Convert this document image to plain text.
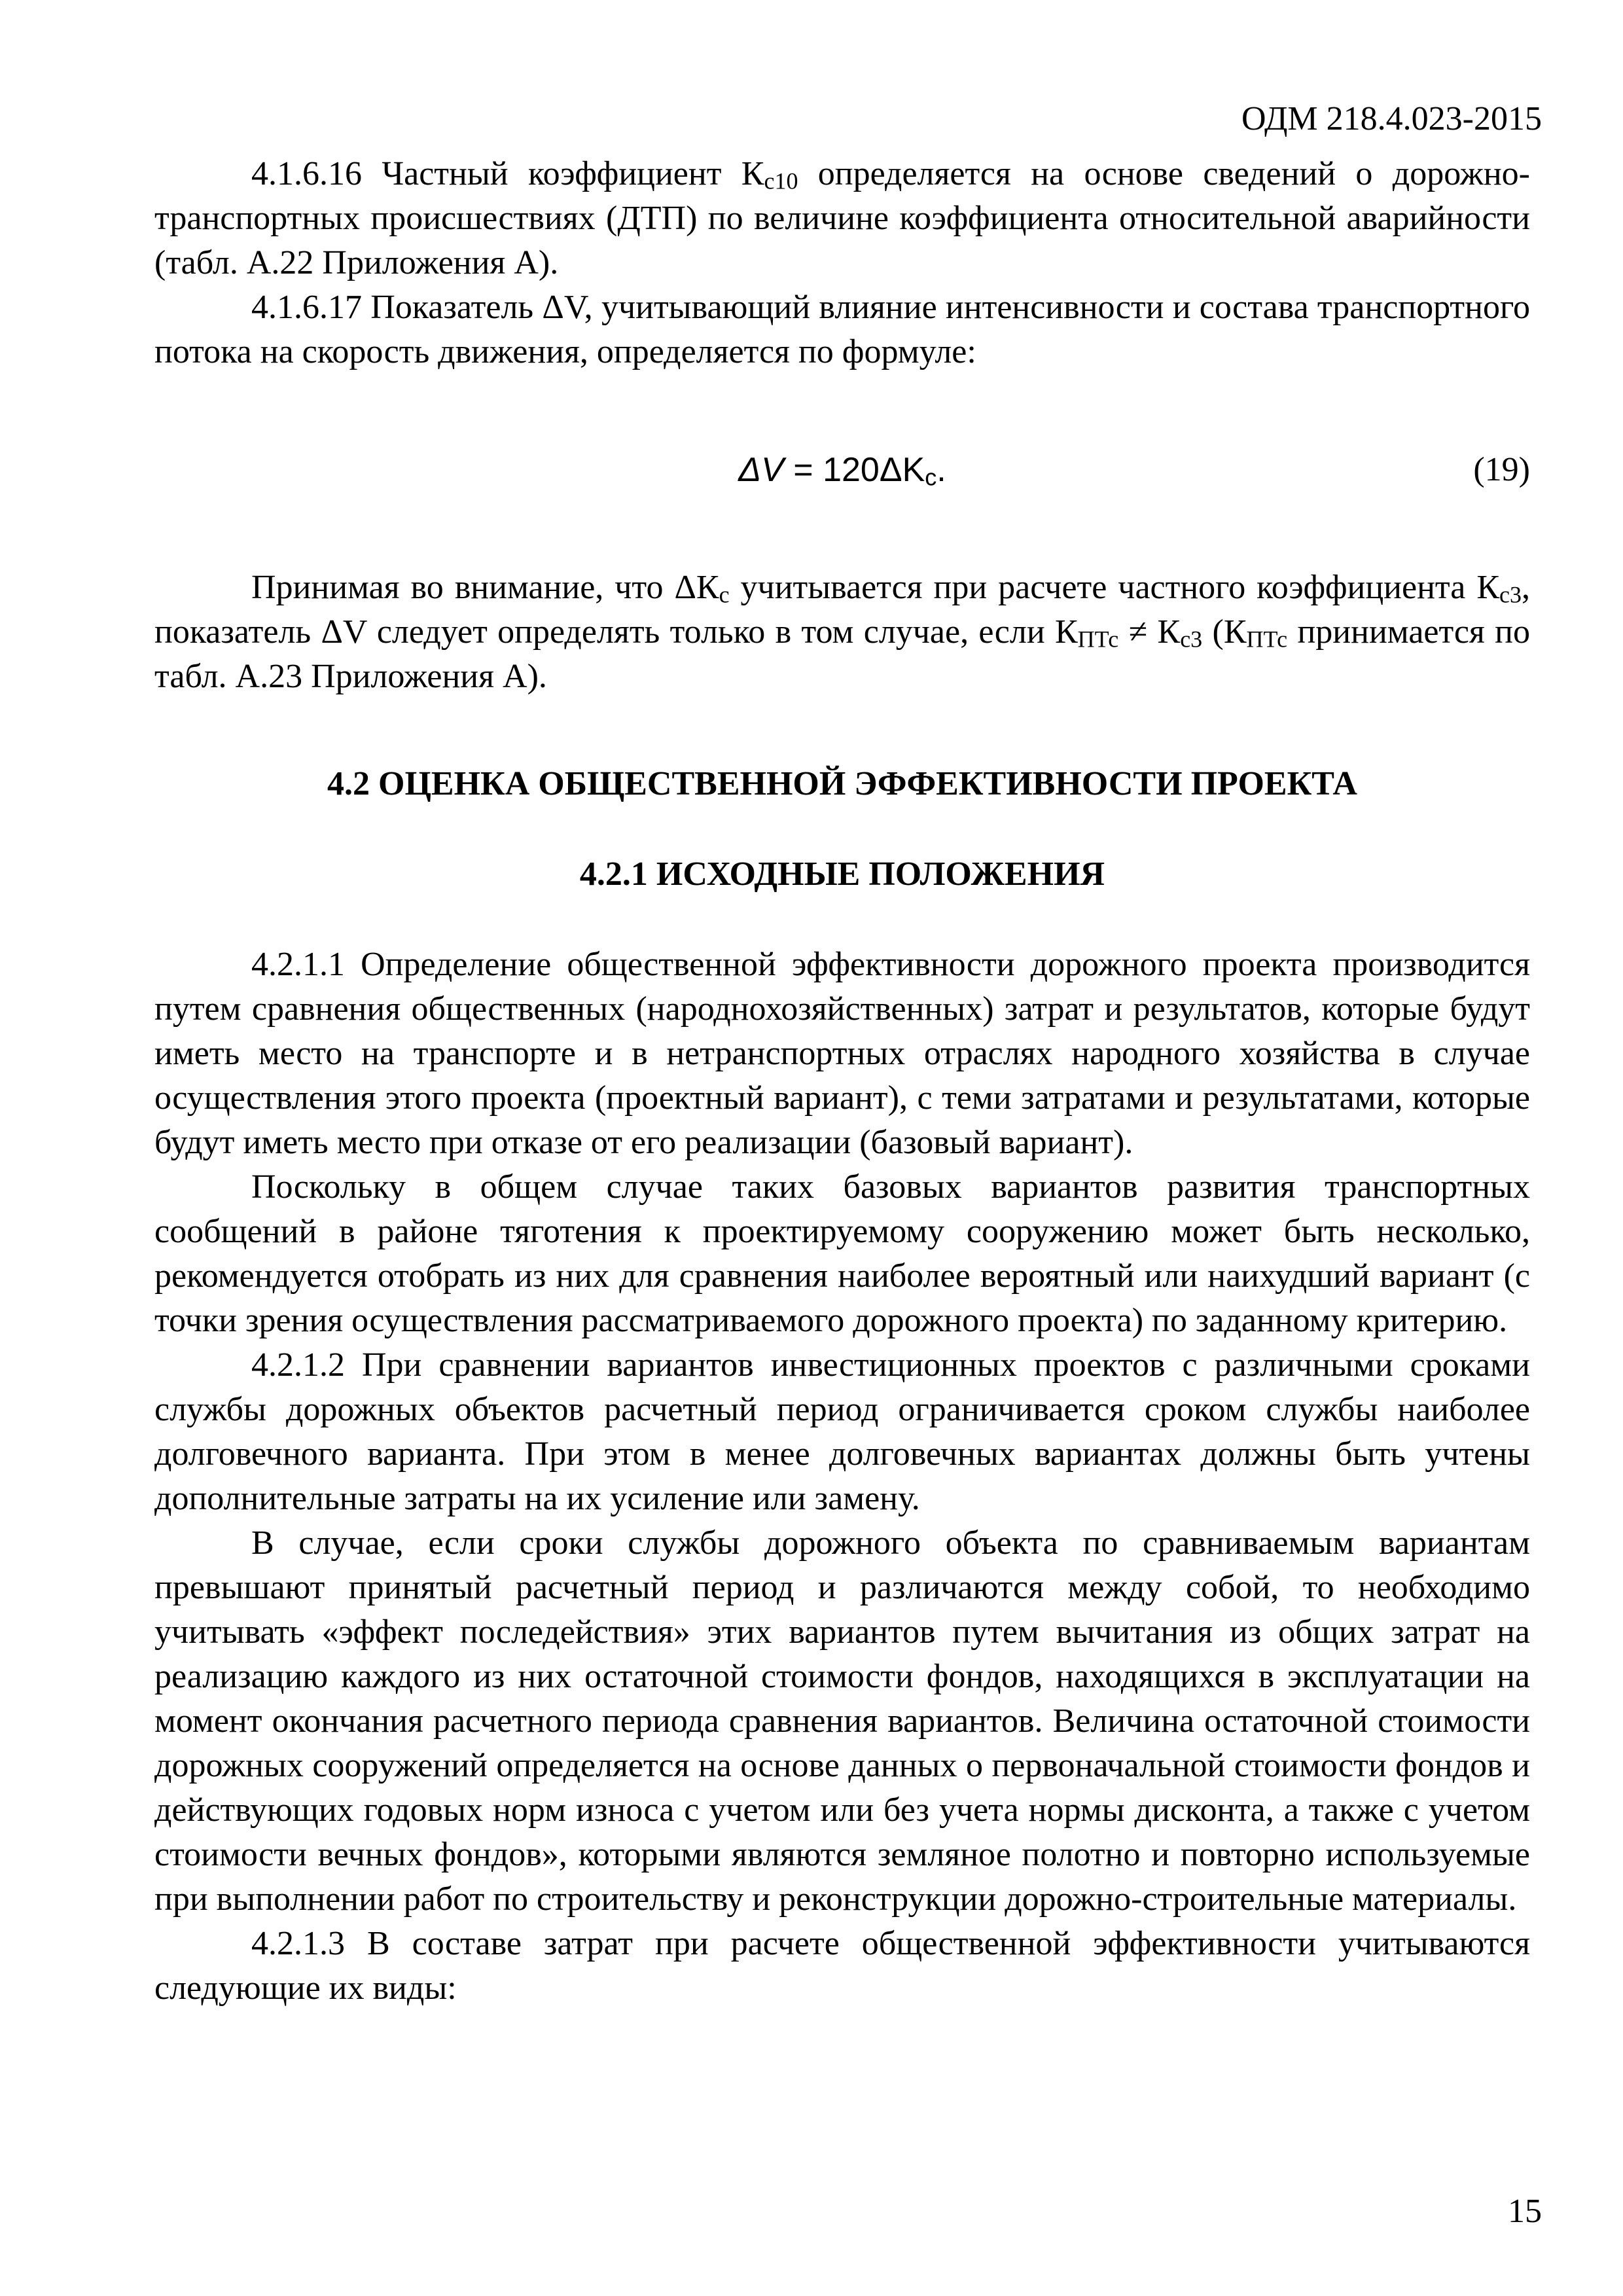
ОДМ 218.4.023-2015

4.1.6.16 Частный коэффициент $К_{с10}$ определяется на основе сведений о дорожно-транспортных происшествиях (ДТП) по величине коэффициента относительной аварийности (табл. А.22 Приложения А).

4.1.6.17 Показатель ΔV, учитывающий влияние интенсивности и состава транспортного потока на скорость движения, определяется по формуле:

$\Delta V = 120\Delta K_с$.	(19)

Принимая во внимание, что $\Delta К_с$ учитывается при расчете частного коэффициента $К_{с3}$, показатель ΔV следует определять только в том случае, если $К_{ПТс} \ne К_{с3}$ ($К_{ПТс}$ принимается по табл. А.23 Приложения А).

4.2 ОЦЕНКА ОБЩЕСТВЕННОЙ ЭФФЕКТИВНОСТИ ПРОЕКТА
4.2.1 ИСХОДНЫЕ ПОЛОЖЕНИЯ

4.2.1.1 Определение общественной эффективности дорожного проекта производится путем сравнения общественных (народнохозяйственных) затрат и результатов, которые будут иметь место на транспорте и в нетранспортных отраслях народного хозяйства в случае осуществления этого проекта (проектный вариант), с теми затратами и результатами, которые будут иметь место при отказе от его реализации (базовый вариант).

Поскольку в общем случае таких базовых вариантов развития транспортных сообщений в районе тяготения к проектируемому сооружению может быть несколько, рекомендуется отобрать из них для сравнения наиболее вероятный или наихудший вариант (с точки зрения осуществления рассматриваемого дорожного проекта) по заданному критерию.

4.2.1.2 При сравнении вариантов инвестиционных проектов с различными сроками службы дорожных объектов расчетный период ограничивается сроком службы наиболее долговечного варианта. При этом в менее долговечных вариантах должны быть учтены дополнительные затраты на их усиление или замену.

В случае, если сроки службы дорожного объекта по сравниваемым вариантам превышают принятый расчетный период и различаются между собой, то необходимо учитывать «эффект последействия» этих вариантов путем вычитания из общих затрат на реализацию каждого из них остаточной стоимости фондов, находящихся в эксплуатации на момент окончания расчетного периода сравнения вариантов. Величина остаточной стоимости дорожных сооружений определяется на основе данных о первоначальной стоимости фондов и действующих годовых норм износа с учетом или без учета нормы дисконта, а также с учетом стоимости вечных фондов», которыми являются земляное полотно и повторно используемые при выполнении работ по строительству и реконструкции дорожно-строительные материалы.

4.2.1.3 В составе затрат при расчете общественной эффективности учитываются следующие их виды:

15
